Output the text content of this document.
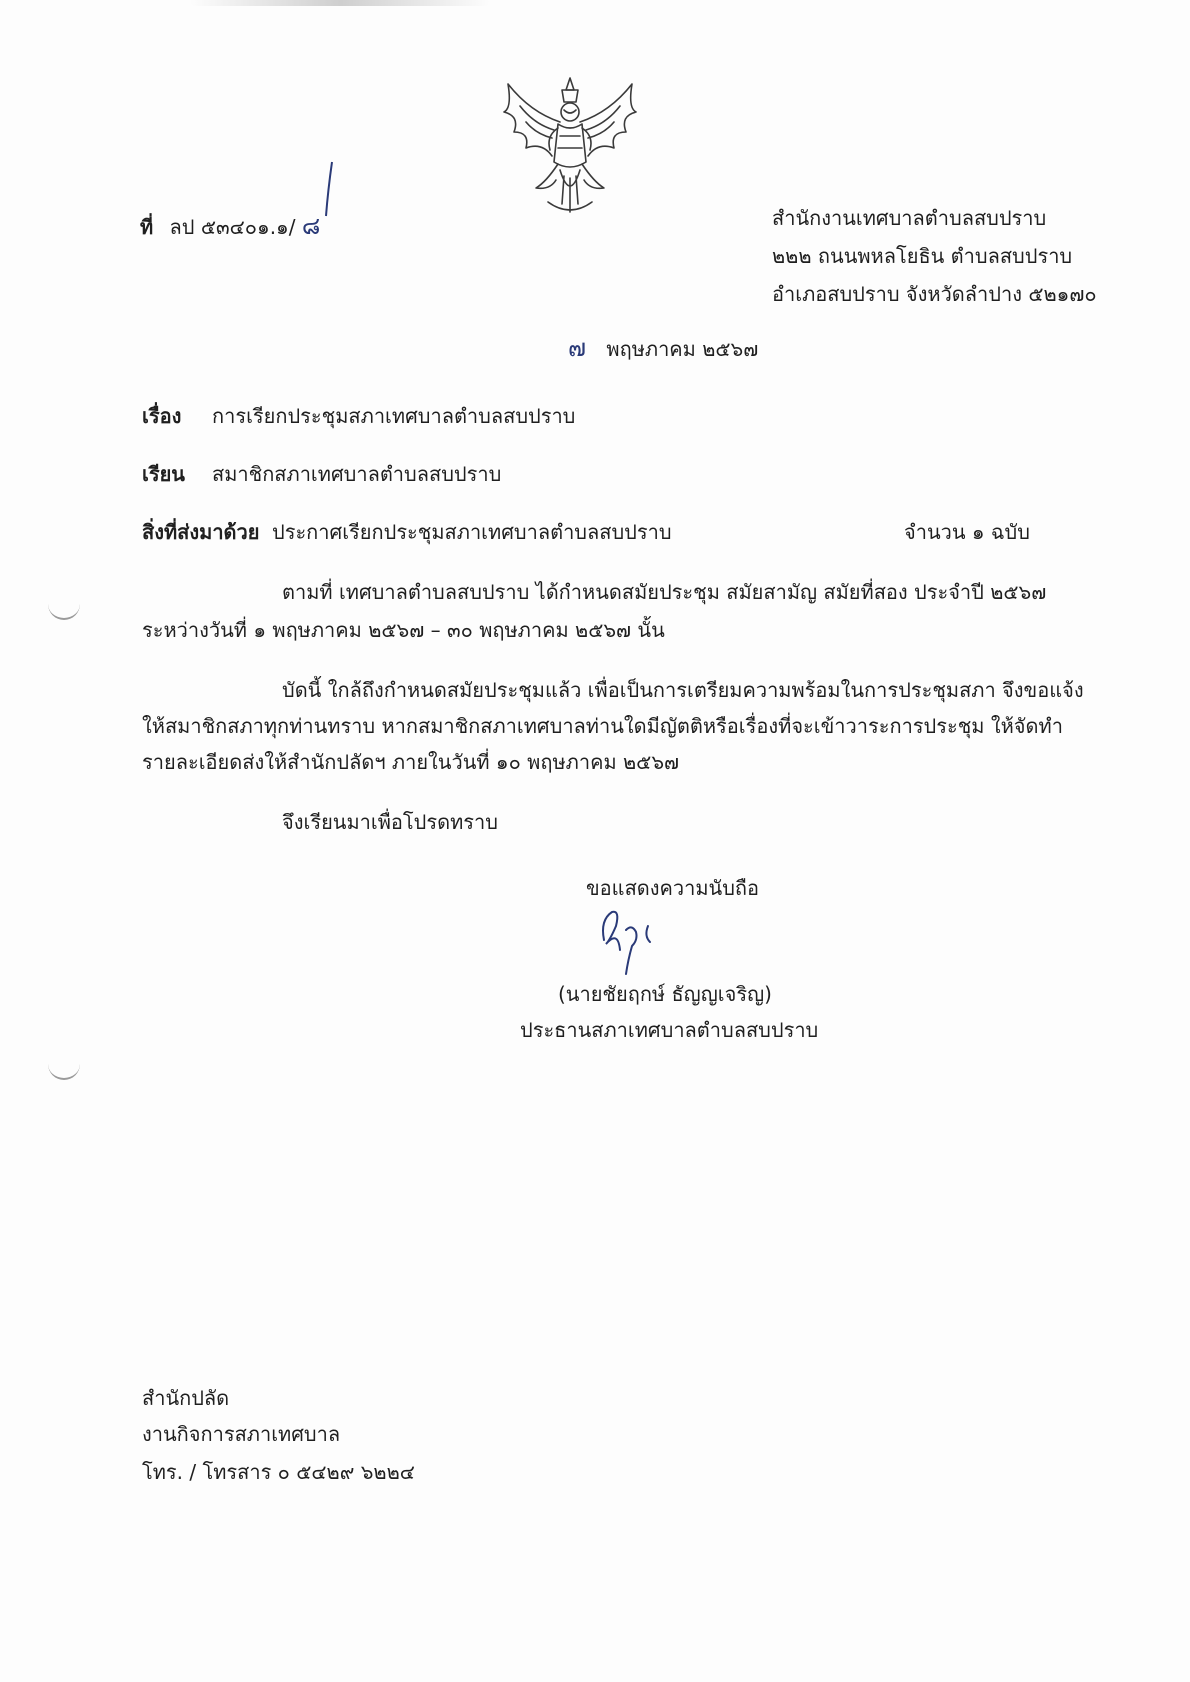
ที่ ลป ๕๓๔๐๑.๑/ ๘	สำนักงานเทศบาลตำบลสบปราบ
๒๒๒ ถนนพหลโยธิน ตำบลสบปราบ
อำเภอสบปราบ จังหวัดลำปาง ๕๒๑๗๐
๗ พฤษภาคม ๒๕๖๗
เรื่อง การเรียกประชุมสภาเทศบาลตำบลสบปราบ
เรียน สมาชิกสภาเทศบาลตำบลสบปราบ
สิ่งที่ส่งมาด้วย ประกาศเรียกประชุมสภาเทศบาลตำบลสบปราบ	จำนวน ๑ ฉบับ
ตามที่ เทศบาลตำบลสบปราบ ได้กำหนดสมัยประชุม สมัยสามัญ สมัยที่สอง ประจำปี ๒๕๖๗
ระหว่างวันที่ ๑ พฤษภาคม ๒๕๖๗ – ๓๐ พฤษภาคม ๒๕๖๗ นั้น
บัดนี้ ใกล้ถึงกำหนดสมัยประชุมแล้ว เพื่อเป็นการเตรียมความพร้อมในการประชุมสภา จึงขอแจ้ง
ให้สมาชิกสภาทุกท่านทราบ หากสมาชิกสภาเทศบาลท่านใดมีญัตติหรือเรื่องที่จะเข้าวาระการประชุม ให้จัดทำ
รายละเอียดส่งให้สำนักปลัดฯ ภายในวันที่ ๑๐ พฤษภาคม ๒๕๖๗
จึงเรียนมาเพื่อโปรดทราบ
ขอแสดงความนับถือ
(นายชัยฤกษ์ ธัญญเจริญ)
ประธานสภาเทศบาลตำบลสบปราบ
สำนักปลัด
งานกิจการสภาเทศบาล
โทร. / โทรสาร ๐ ๕๔๒๙ ๖๒๒๔
